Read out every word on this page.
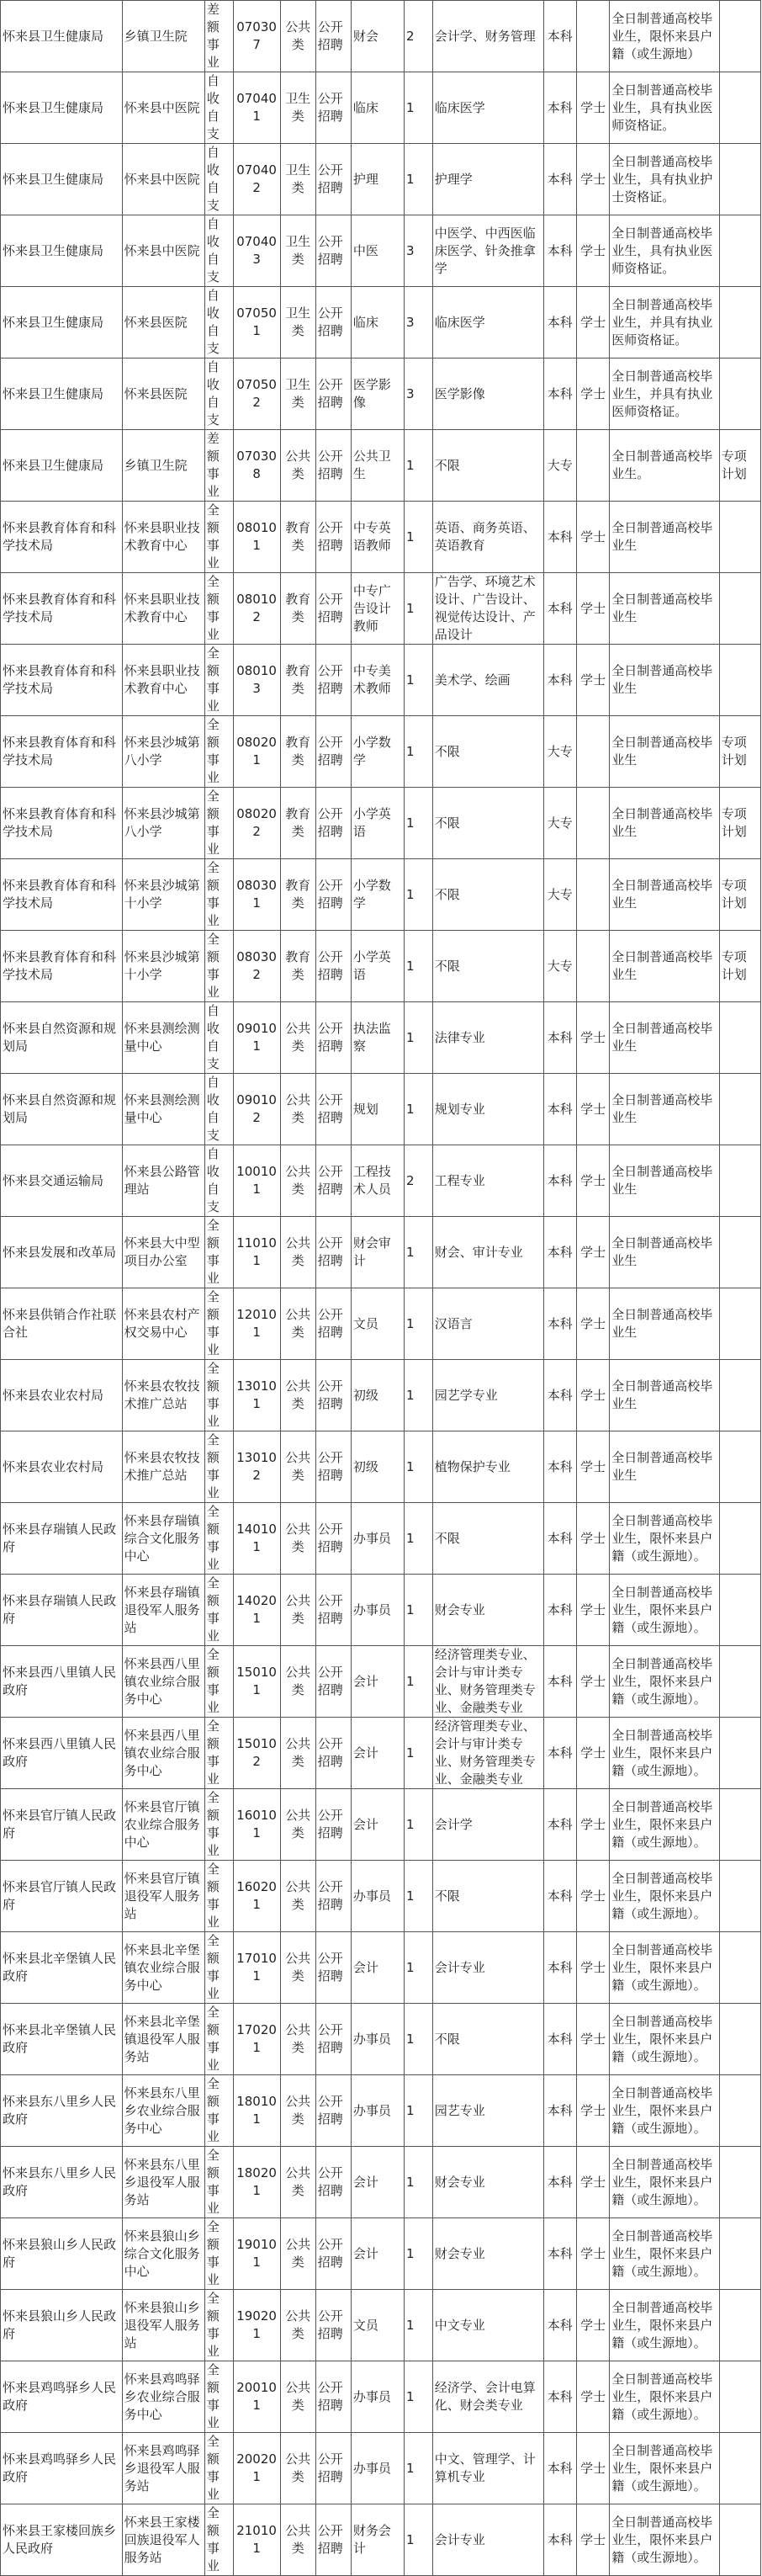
怀来县卫生健康局	乡镇卫生院	差额事业	070307	公共类	公开招聘	财会	2	会计学、财务管理	本科		全日制普通高校毕业生，限怀来县户籍（或生源地）	
怀来县卫生健康局	怀来县中医院	自收自支	070401	卫生类	公开招聘	临床	1	临床医学	本科	学士	全日制普通高校毕业生，具有执业医师资格证。	
怀来县卫生健康局	怀来县中医院	自收自支	070402	卫生类	公开招聘	护理	1	护理学	本科	学士	全日制普通高校毕业生，具有执业护士资格证。	
怀来县卫生健康局	怀来县中医院	自收自支	070403	卫生类	公开招聘	中医	3	中医学、中西医临床医学、针灸推拿学	本科	学士	全日制普通高校毕业生，具有执业医师资格证。	
怀来县卫生健康局	怀来县医院	自收自支	070501	卫生类	公开招聘	临床	3	临床医学	本科	学士	全日制普通高校毕业生，并具有执业医师资格证。	
怀来县卫生健康局	怀来县医院	自收自支	070502	卫生类	公开招聘	医学影像	3	医学影像	本科	学士	全日制普通高校毕业生，并具有执业医师资格证。	
怀来县卫生健康局	乡镇卫生院	差额事业	070308	公共类	公开招聘	公共卫生	1	不限	大专		全日制普通高校毕业生。	专项计划
怀来县教育体育和科学技术局	怀来县职业技术教育中心	全额事业	080101	教育类	公开招聘	中专英语教师	1	英语、商务英语、英语教育	本科	学士	全日制普通高校毕业生	
怀来县教育体育和科学技术局	怀来县职业技术教育中心	全额事业	080102	教育类	公开招聘	中专广告设计教师	1	广告学、环境艺术设计、广告设计、视觉传达设计、产品设计	本科	学士	全日制普通高校毕业生	
怀来县教育体育和科学技术局	怀来县职业技术教育中心	全额事业	080103	教育类	公开招聘	中专美术教师	1	美术学、绘画	本科	学士	全日制普通高校毕业生	
怀来县教育体育和科学技术局	怀来县沙城第八小学	全额事业	080201	教育类	公开招聘	小学数学	1	不限	大专		全日制普通高校毕业生	专项计划
怀来县教育体育和科学技术局	怀来县沙城第八小学	全额事业	080202	教育类	公开招聘	小学英语	1	不限	大专		全日制普通高校毕业生	专项计划
怀来县教育体育和科学技术局	怀来县沙城第十小学	全额事业	080301	教育类	公开招聘	小学数学	1	不限	大专		全日制普通高校毕业生	专项计划
怀来县教育体育和科学技术局	怀来县沙城第十小学	全额事业	080302	教育类	公开招聘	小学英语	1	不限	大专		全日制普通高校毕业生	专项计划
怀来县自然资源和规划局	怀来县测绘测量中心	自收自支	090101	公共类	公开招聘	执法监察	1	法律专业	本科	学士	全日制普通高校毕业生	
怀来县自然资源和规划局	怀来县测绘测量中心	自收自支	090102	公共类	公开招聘	规划	1	规划专业	本科	学士	全日制普通高校毕业生	
怀来县交通运输局	怀来县公路管理站	自收自支	100101	公共类	公开招聘	工程技术人员	2	工程专业	本科	学士	全日制普通高校毕业生	
怀来县发展和改革局	怀来县大中型项目办公室	全额事业	110101	公共类	公开招聘	财会审计	1	财会、审计专业	本科	学士	全日制普通高校毕业生	
怀来县供销合作社联合社	怀来县农村产权交易中心	全额事业	120101	公共类	公开招聘	文员	1	汉语言	本科	学士	全日制普通高校毕业生	
怀来县农业农村局	怀来县农牧技术推广总站	全额事业	130101	公共类	公开招聘	初级	1	园艺学专业	本科	学士	全日制普通高校毕业生	
怀来县农业农村局	怀来县农牧技术推广总站	全额事业	130102	公共类	公开招聘	初级	1	植物保护专业	本科	学士	全日制普通高校毕业生	
怀来县存瑞镇人民政府	怀来县存瑞镇综合文化服务中心	全额事业	140101	公共类	公开招聘	办事员	1	不限	本科	学士	全日制普通高校毕业生，限怀来县户籍（或生源地）。	
怀来县存瑞镇人民政府	怀来县存瑞镇退役军人服务站	全额事业	140201	公共类	公开招聘	办事员	1	财会专业	本科	学士	全日制普通高校毕业生，限怀来县户籍（或生源地）。	
怀来县西八里镇人民政府	怀来县西八里镇农业综合服务中心	全额事业	150101	公共类	公开招聘	会计	1	经济管理类专业、会计与审计类专业、财务管理类专业、金融类专业	本科	学士	全日制普通高校毕业生，限怀来县户籍（或生源地）。	
怀来县西八里镇人民政府	怀来县西八里镇农业综合服务中心	全额事业	150102	公共类	公开招聘	会计	1	经济管理类专业、会计与审计类专业、财务管理类专业、金融类专业	本科	学士	全日制普通高校毕业生，限怀来县户籍（或生源地）。	
怀来县官厅镇人民政府	怀来县官厅镇农业综合服务中心	全额事业	160101	公共类	公开招聘	会计	1	会计学	本科	学士	全日制普通高校毕业生，限怀来县户籍（或生源地）。	
怀来县官厅镇人民政府	怀来县官厅镇退役军人服务站	全额事业	160201	公共类	公开招聘	办事员	1	不限	本科	学士	全日制普通高校毕业生，限怀来县户籍（或生源地）。	
怀来县北辛堡镇人民政府	怀来县北辛堡镇农业综合服务中心	全额事业	170101	公共类	公开招聘	会计	1	会计专业	本科	学士	全日制普通高校毕业生，限怀来县户籍（或生源地）。	
怀来县北辛堡镇人民政府	怀来县北辛堡镇退役军人服务站	全额事业	170201	公共类	公开招聘	办事员	1	不限	本科	学士	全日制普通高校毕业生，限怀来县户籍（或生源地）。	
怀来县东八里乡人民政府	怀来县东八里乡农业综合服务中心	全额事业	180101	公共类	公开招聘	办事员	1	园艺专业	本科	学士	全日制普通高校毕业生，限怀来县户籍（或生源地）。	
怀来县东八里乡人民政府	怀来县东八里乡退役军人服务站	全额事业	180201	公共类	公开招聘	会计	1	财会专业	本科	学士	全日制普通高校毕业生，限怀来县户籍（或生源地）。	
怀来县狼山乡人民政府	怀来县狼山乡综合文化服务中心	全额事业	190101	公共类	公开招聘	会计	1	财会专业	本科	学士	全日制普通高校毕业生，限怀来县户籍（或生源地）。	
怀来县狼山乡人民政府	怀来县狼山乡退役军人服务站	全额事业	190201	公共类	公开招聘	文员	1	中文专业	本科	学士	全日制普通高校毕业生，限怀来县户籍（或生源地）。	
怀来县鸡鸣驿乡人民政府	怀来县鸡鸣驿乡农业综合服务中心	全额事业	200101	公共类	公开招聘	办事员	1	经济学、会计电算化、财会类专业	本科	学士	全日制普通高校毕业生，限怀来县户籍（或生源地）。	
怀来县鸡鸣驿乡人民政府	怀来县鸡鸣驿乡退役军人服务站	全额事业	200201	公共类	公开招聘	办事员	1	中文、管理学、计算机专业	本科	学士	全日制普通高校毕业生，限怀来县户籍（或生源地）。	
怀来县王家楼回族乡人民政府	怀来县王家楼回族退役军人服务站	全额事业	210101	公共类	公开招聘	财务会计	1	会计专业	本科	学士	全日制普通高校毕业生，限怀来县户籍（或生源地）。	
